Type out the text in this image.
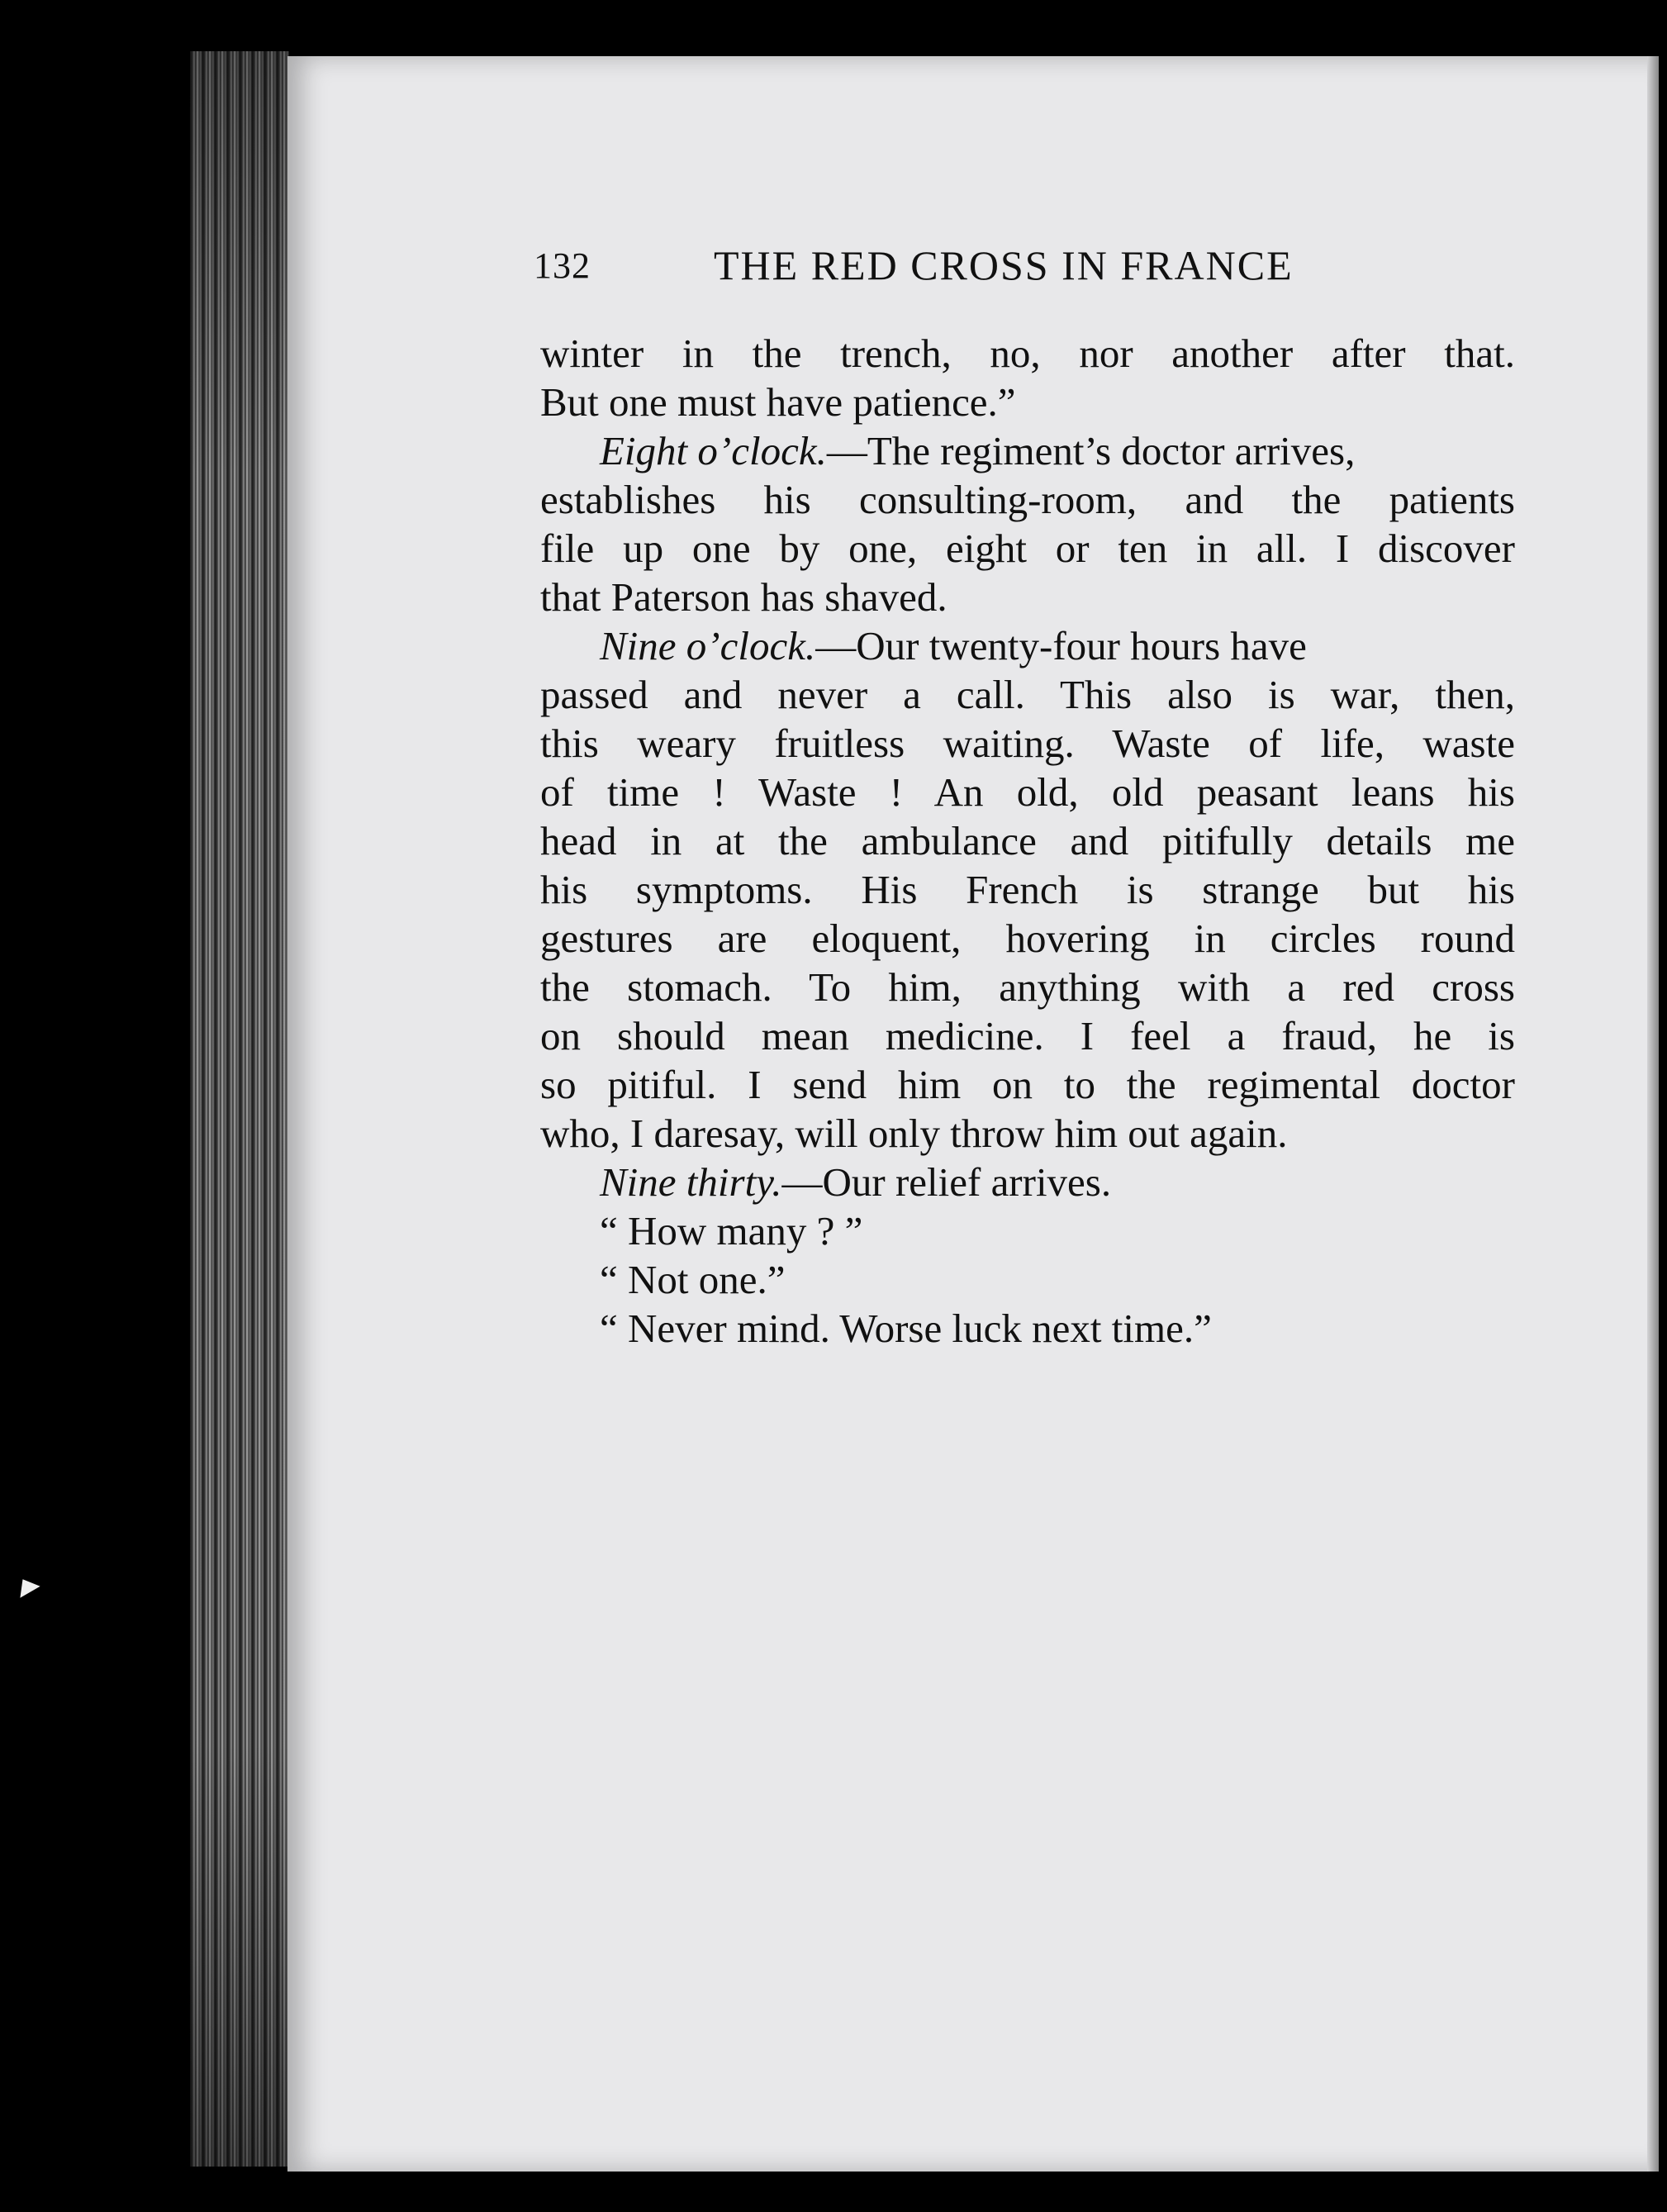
132	THE RED CROSS IN FRANCE
winter in the trench, no, nor another after that.
But one must have patience.”
Eight o’clock.—The regiment’s doctor arrives,
establishes his consulting-room, and the patients
file up one by one, eight or ten in all. I discover
that Paterson has shaved.
Nine o’clock.—Our twenty-four hours have
passed and never a call. This also is war, then,
this weary fruitless waiting. Waste of life, waste
of time ! Waste ! An old, old peasant leans his
head in at the ambulance and pitifully details me
his symptoms. His French is strange but his
gestures are eloquent, hovering in circles round
the stomach. To him, anything with a red cross
on should mean medicine. I feel a fraud, he is
so pitiful. I send him on to the regimental doctor
who, I daresay, will only throw him out again.
Nine thirty.—Our relief arrives.
“ How many ? ”
“ Not one.”
“ Never mind. Worse luck next time.”
